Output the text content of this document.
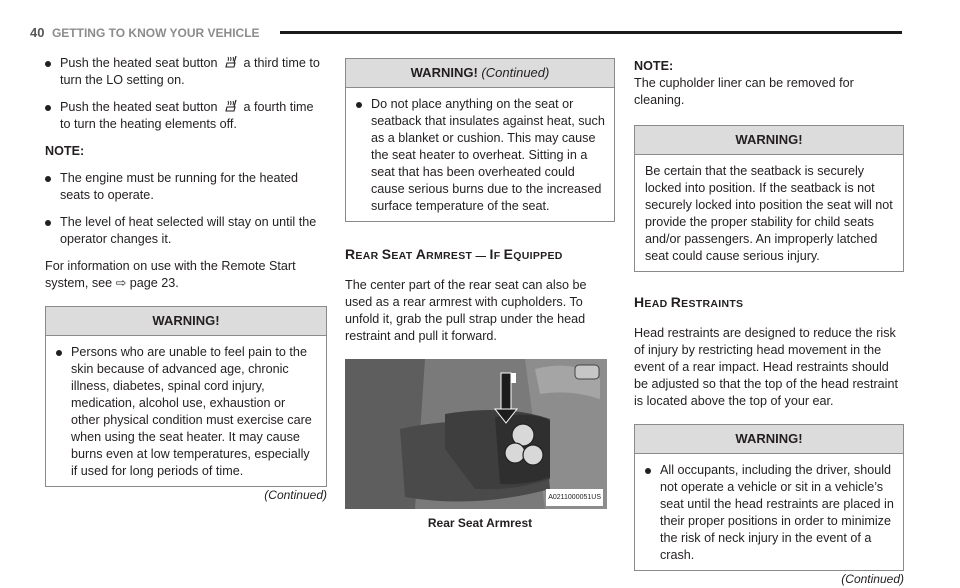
40 GETTING TO KNOW YOUR VEHICLE
Push the heated seat button a third time to turn the LO setting on.
Push the heated seat button a fourth time to turn the heating elements off.

NOTE:

The engine must be running for the heated seats to operate.
The level of heat selected will stay on until the operator changes it.

For information on use with the Remote Start system, see ⇨ page 23.

WARNING!
Persons who are unable to feel pain to the skin because of advanced age, chronic illness, diabetes, spinal cord injury, medication, alcohol use, exhaustion or other physical condition must exercise care when using the seat heater. It may cause burns even at low temperatures, especially if used for long periods of time.
(Continued)
WARNING! (Continued)
Do not place anything on the seat or seatback that insulates against heat, such as a blanket or cushion. This may cause the seat heater to overheat. Sitting in a seat that has been overheated could cause serious burns due to the increased surface temperature of the seat.
REAR SEAT ARMREST — IF EQUIPPED

The center part of the rear seat can also be used as a rear armrest with cupholders. To unfold it, grab the pull strap under the head restraint and pull it forward.

A0211000051US
Rear Seat Armrest

NOTE:

The cupholder liner can be removed for cleaning.

WARNING!

Be certain that the seatback is securely locked into position. If the seatback is not securely locked into position the seat will not provide the proper stability for child seats and/or passengers. An improperly latched seat could cause serious injury.

HEAD RESTRAINTS

Head restraints are designed to reduce the risk of injury by restricting head movement in the event of a rear impact. Head restraints should be adjusted so that the top of the head restraint is located above the top of your ear.

WARNING!
All occupants, including the driver, should not operate a vehicle or sit in a vehicle’s seat until the head restraints are placed in their proper positions in order to minimize the risk of neck injury in the event of a crash.
(Continued)
